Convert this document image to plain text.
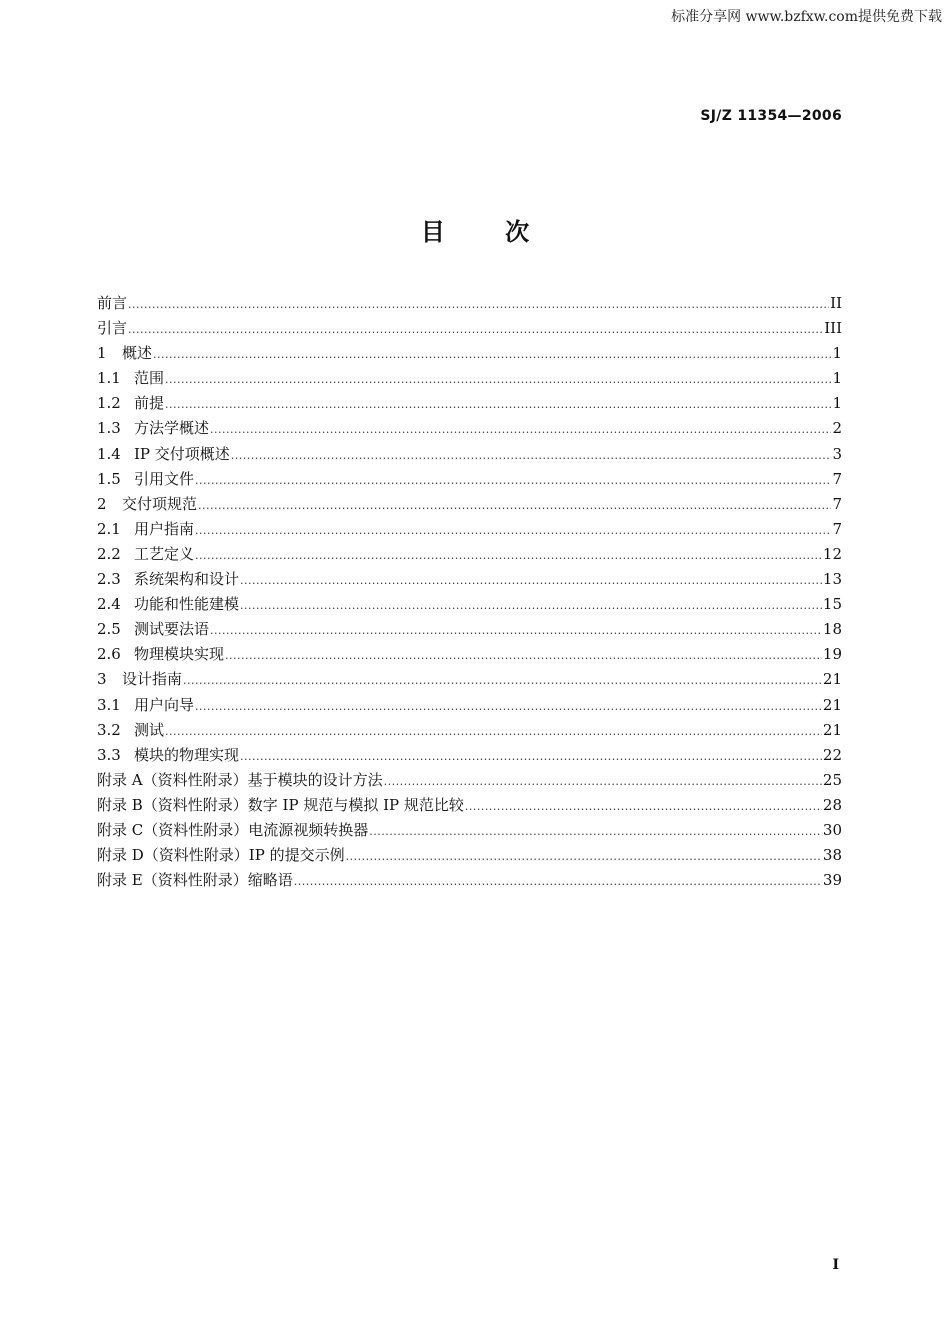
标准分享网 www.bzfxw.com提供免费下载
SJ/Z 11354—2006
目	次
前言 .....	II
引言 .....	III
1	概述 .....	1
1.1 范围 .....	1
1.2 前提 .....	1
1.3 方法学概述 .....	2
1.4 IP 交付项概述 .....	3
1.5 引用文件 .....	7
2	交付项规范 .....	7
2.1 用户指南 .....	7
2.2 工艺定义 .....	12
2.3 系统架构和设计 .....	13
2.4 功能和性能建模 .....	15
2.5 测试要法语 .....	18
2.6 物理模块实现 .....	19
3	设计指南 .....	21
3.1 用户向导 .....	21
3.2 测试 .....	21
3.3 模块的物理实现 .....	22
附录 A（资料性附录）基于模块的设计方法 .....	25
附录 B（资料性附录）数字 IP 规范与模拟 IP 规范比较 .....	28
附录 C（资料性附录）电流源视频转换器 .....	30
附录 D（资料性附录）IP 的提交示例 .....	38
附录 E（资料性附录）缩略语 .....	39
I
